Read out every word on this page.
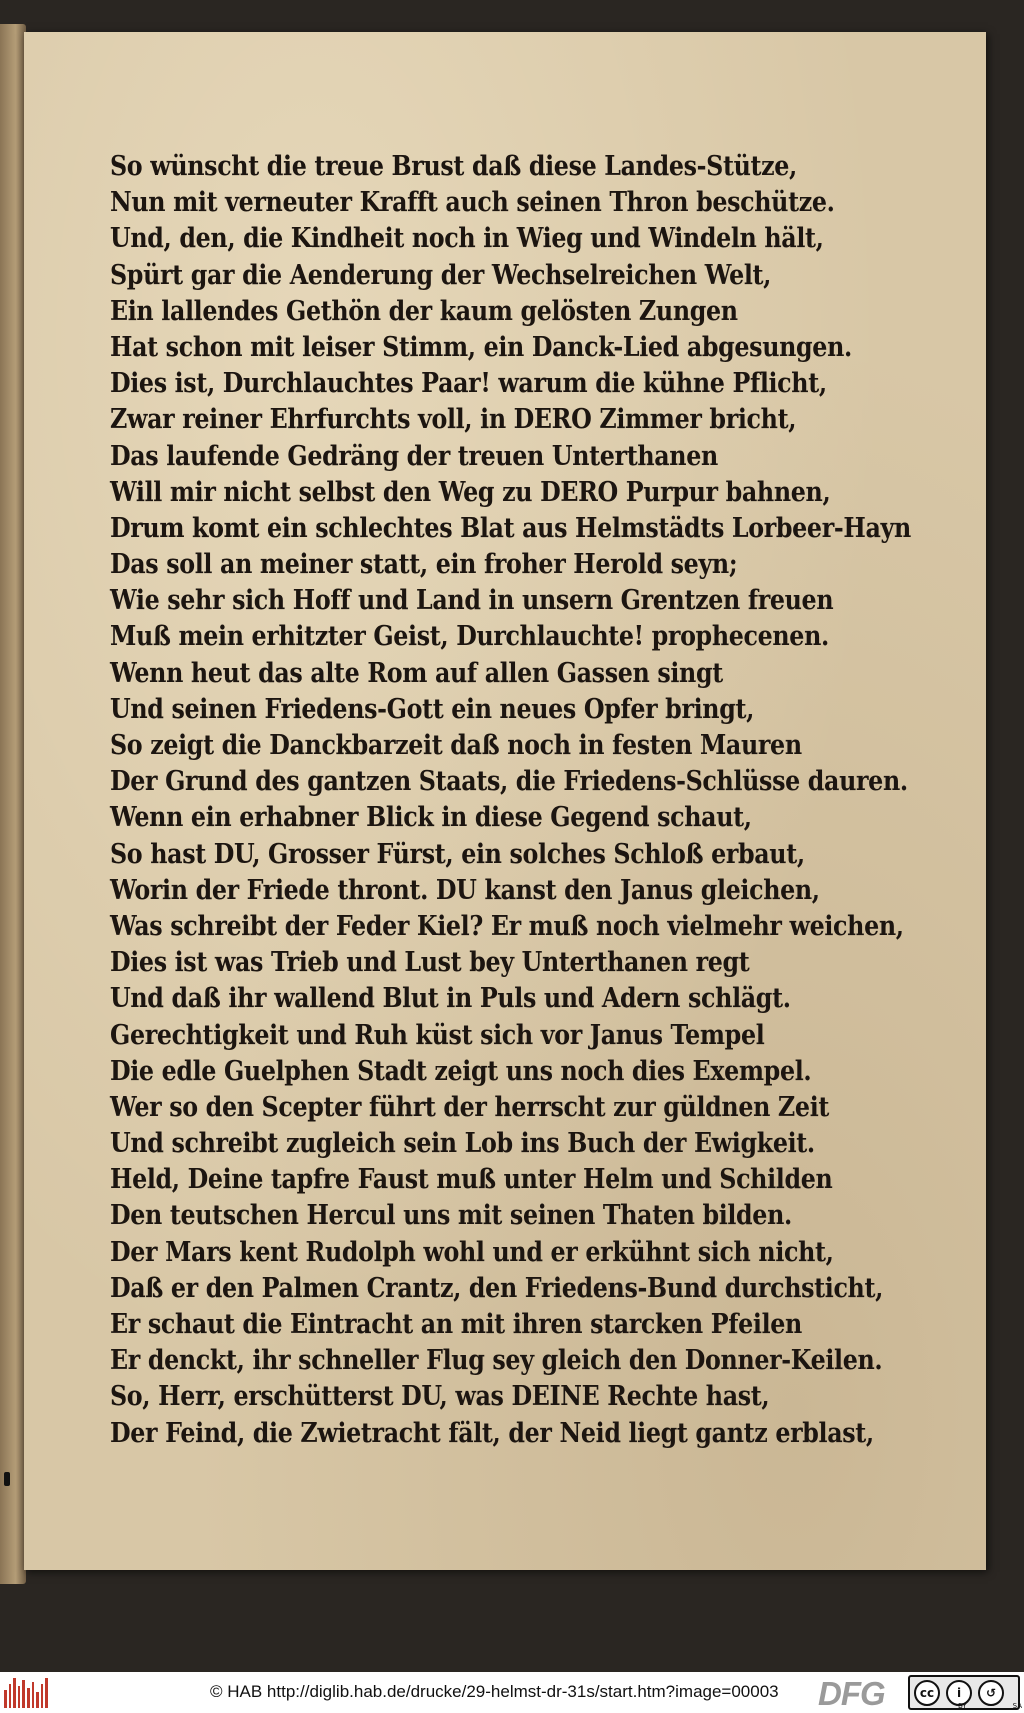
So wünscht die treue Brust daß diese Landes-Stütze,
Nun mit verneuter Krafft auch seinen Thron beschütze.
Und, den, die Kindheit noch in Wieg und Windeln hält,
Spürt gar die Aenderung der Wechselreichen Welt,
Ein lallendes Gethön der kaum gelösten Zungen
Hat schon mit leiser Stimm, ein Danck-Lied abgesungen.
Dies ist, Durchlauchtes Paar! warum die kühne Pflicht,
Zwar reiner Ehrfurchts voll, in DERO Zimmer bricht,
Das laufende Gedräng der treuen Unterthanen
Will mir nicht selbst den Weg zu DERO Purpur bahnen,
Drum komt ein schlechtes Blat aus Helmstädts Lorbeer-Hayn
Das soll an meiner statt, ein froher Herold seyn;
Wie sehr sich Hoff und Land in unsern Grentzen freuen
Muß mein erhitzter Geist, Durchlauchte! prophecenen.
Wenn heut das alte Rom auf allen Gassen singt
Und seinen Friedens-Gott ein neues Opfer bringt,
So zeigt die Danckbarzeit daß noch in festen Mauren
Der Grund des gantzen Staats, die Friedens-Schlüsse dauren.
Wenn ein erhabner Blick in diese Gegend schaut,
So hast DU, Grosser Fürst, ein solches Schloß erbaut,
Worin der Friede thront. DU kanst den Janus gleichen,
Was schreibt der Feder Kiel? Er muß noch vielmehr weichen,
Dies ist was Trieb und Lust bey Unterthanen regt
Und daß ihr wallend Blut in Puls und Adern schlägt.
Gerechtigkeit und Ruh küst sich vor Janus Tempel
Die edle Guelphen Stadt zeigt uns noch dies Exempel.
Wer so den Scepter führt der herrscht zur güldnen Zeit
Und schreibt zugleich sein Lob ins Buch der Ewigkeit.
Held, Deine tapfre Faust muß unter Helm und Schilden
Den teutschen Hercul uns mit seinen Thaten bilden.
Der Mars kent Rudolph wohl und er erkühnt sich nicht,
Daß er den Palmen Crantz, den Friedens-Bund durchsticht,
Er schaut die Eintracht an mit ihren starcken Pfeilen
Er denckt, ihr schneller Flug sey gleich den Donner-Keilen.
So, Herr, erschütterst DU, was DEINE Rechte hast,
Der Feind, die Zwietracht fält, der Neid liegt gantz erblast,
© HAB http://diglib.hab.de/drucke/29-helmst-dr-31s/start.htm?image=00003 DFG	cc	i	↺
BY	SA
